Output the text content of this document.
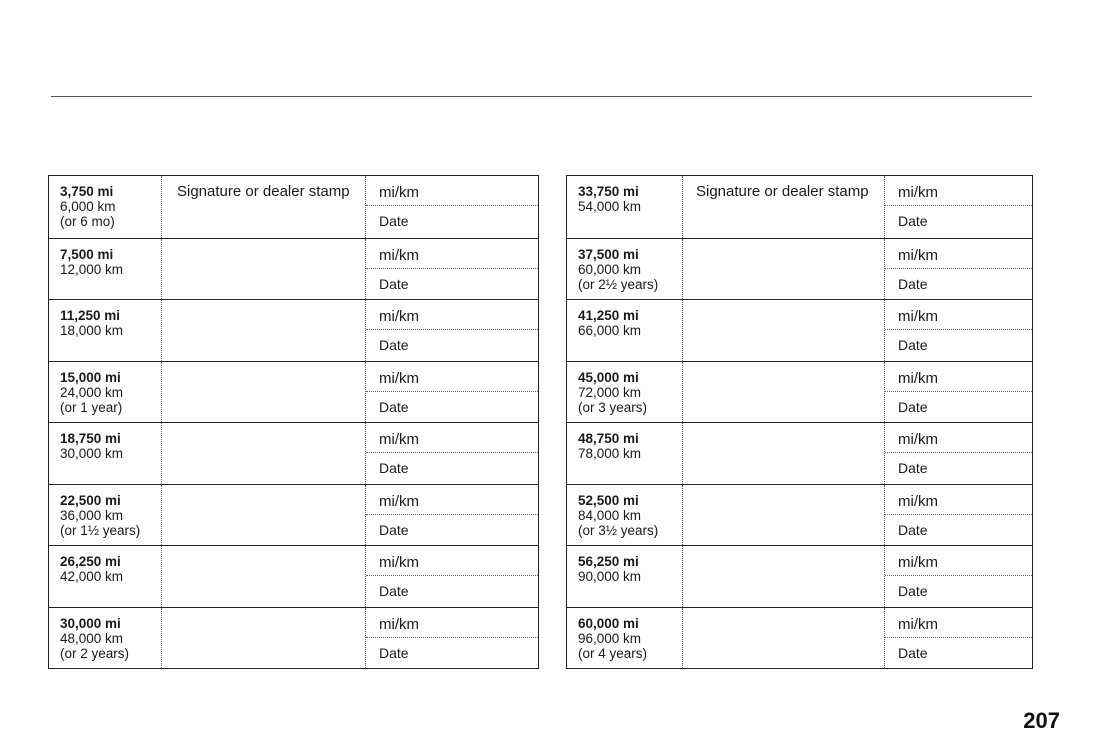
3,750 mi
6,000 km
(or 6 mo)
Signature or dealer stamp	mi/km
Date
7,500 mi
12,000 km
mi/km
Date
11,250 mi
18,000 km
mi/km
Date
15,000 mi
24,000 km
(or 1 year)
mi/km
Date
18,750 mi
30,000 km
mi/km
Date
22,500 mi
36,000 km
(or 1½ years)
mi/km
Date
26,250 mi
42,000 km
mi/km
Date
30,000 mi
48,000 km
(or 2 years)
mi/km
Date
33,750 mi
54,000 km
Signature or dealer stamp	mi/km
Date
37,500 mi
60,000 km
(or 2½ years)
mi/km
Date
41,250 mi
66,000 km
mi/km
Date
45,000 mi
72,000 km
(or 3 years)
mi/km
Date
48,750 mi
78,000 km
mi/km
Date
52,500 mi
84,000 km
(or 3½ years)
mi/km
Date
56,250 mi
90,000 km
mi/km
Date
60,000 mi
96,000 km
(or 4 years)
mi/km
Date
207
